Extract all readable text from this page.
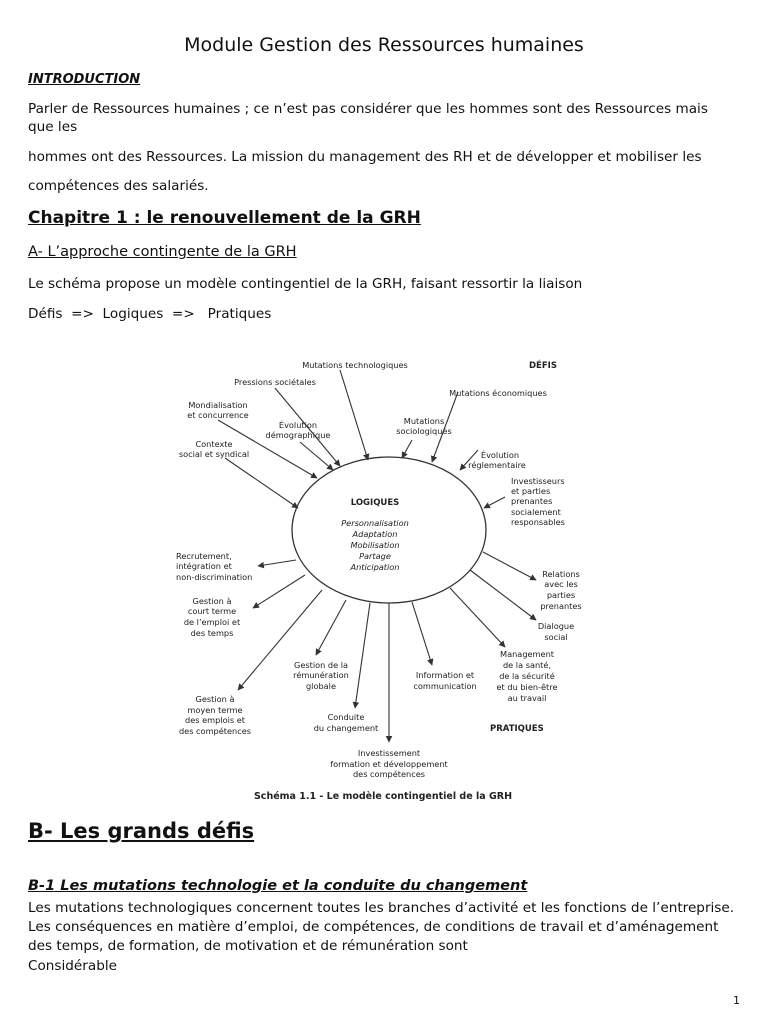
Module Gestion des Ressources humaines
INTRODUCTION
Parler de Ressources humaines ; ce n’est pas considérer que les hommes sont des Ressources mais
que les
hommes ont des Ressources. La mission du management des RH et de développer et mobiliser les
compétences des salariés.
Chapitre 1 : le renouvellement de la GRH
A- L’approche contingente de la GRH
Le schéma propose un modèle contingentiel de la GRH, faisant ressortir la liaison
Défis  =>  Logiques  =>   Pratiques
DÉFIS
PRATIQUES
LOGIQUES
Personnalisation
Adaptation
Mobilisation
Partage
Anticipation
Mutations technologiques
Pressions sociétales
Mondialisation
et concurrence
Évolution
démographique
Contexte
social et syndical
Mutations économiques
Mutations
sociologiques
Évolution
réglementaire
Investisseurs
et parties
prenantes
socialement
responsables
Recrutement,
intégration et
non-discrimination
Gestion à
court terme
de l’emploi et
des temps
Gestion à
moyen terme
des emplois et
des compétences
Gestion de la
rémunération
globale
Conduite
du changement
Investissement
formation et développement
des compétences
Information et
communication
Management
de la santé,
de la sécurité
et du bien-être
au travail
Dialogue
social
Relations
avec les
parties
prenantes
Schéma 1.1 - Le modèle contingentiel de la GRH
B- Les grands défis
B-1 Les mutations technologie et la conduite du changement
Les mutations technologiques concernent toutes les branches d’activité et les fonctions de l’entreprise.
Les conséquences en matière d’emploi, de compétences, de conditions de travail et d’aménagement
des temps, de formation, de motivation et de rémunération sont
Considérable
1
